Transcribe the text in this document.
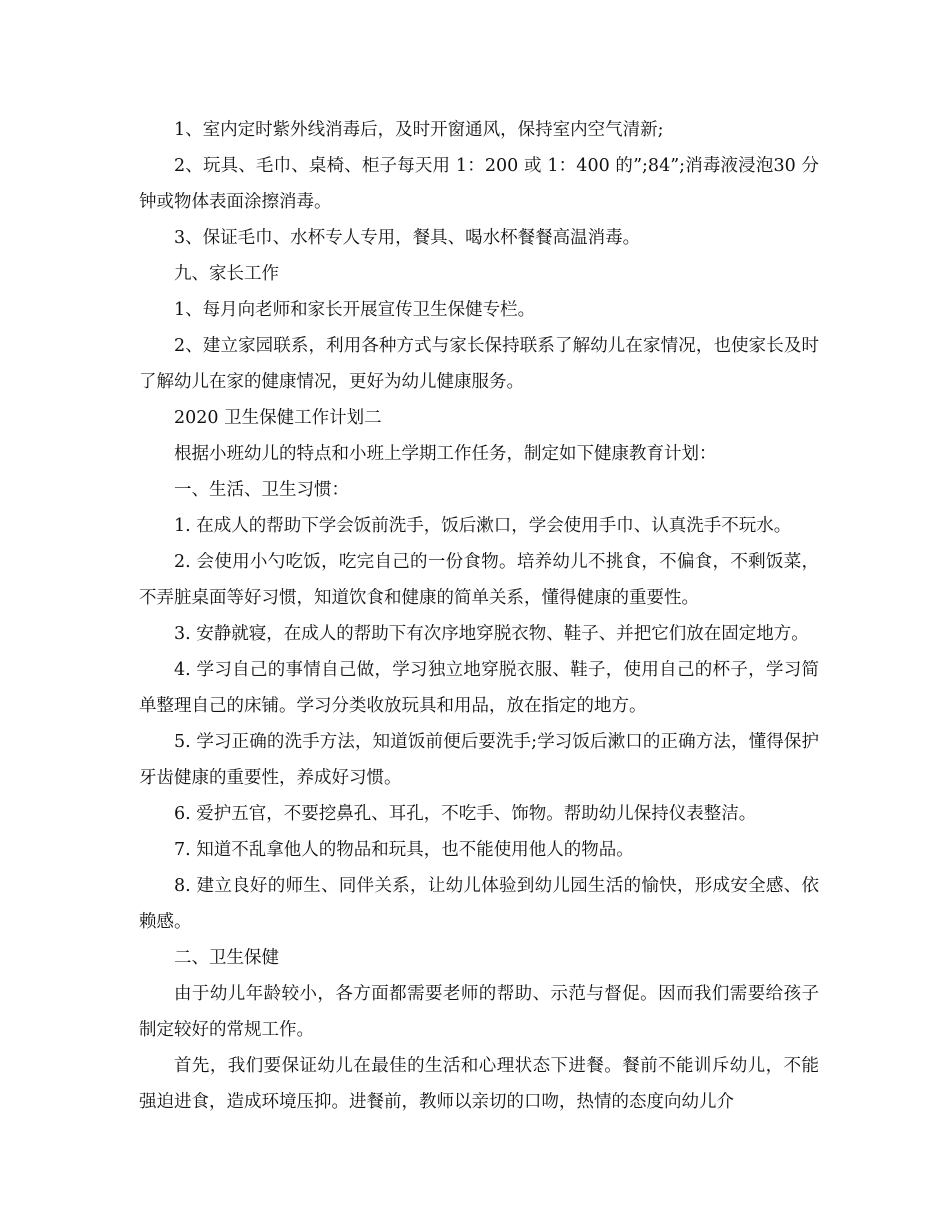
1、室内定时紫外线消毒后，及时开窗通风，保持室内空气清新;

2、玩具、毛巾、桌椅、柜子每天用 1：200 或 1：400 的”;84”;消毒液浸泡30 分钟或物体表面涂擦消毒。

3、保证毛巾、水杯专人专用，餐具、喝水杯餐餐高温消毒。

九、家长工作

1、每月向老师和家长开展宣传卫生保健专栏。

2、建立家园联系，利用各种方式与家长保持联系了解幼儿在家情况，也使家长及时了解幼儿在家的健康情况，更好为幼儿健康服务。

2020 卫生保健工作计划二

根据小班幼儿的特点和小班上学期工作任务，制定如下健康教育计划：

一、生活、卫生习惯：

1. 在成人的帮助下学会饭前洗手，饭后漱口，学会使用手巾、认真洗手不玩水。

2. 会使用小勺吃饭，吃完自己的一份食物。培养幼儿不挑食，不偏食，不剩饭菜，不弄脏桌面等好习惯，知道饮食和健康的简单关系，懂得健康的重要性。

3. 安静就寝，在成人的帮助下有次序地穿脱衣物、鞋子、并把它们放在固定地方。

4. 学习自己的事情自己做，学习独立地穿脱衣服、鞋子，使用自己的杯子，学习简单整理自己的床铺。学习分类收放玩具和用品，放在指定的地方。

5. 学习正确的洗手方法，知道饭前便后要洗手;学习饭后漱口的正确方法，懂得保护牙齿健康的重要性，养成好习惯。

6. 爱护五官，不要挖鼻孔、耳孔，不吃手、饰物。帮助幼儿保持仪表整洁。

7. 知道不乱拿他人的物品和玩具，也不能使用他人的物品。

8. 建立良好的师生、同伴关系，让幼儿体验到幼儿园生活的愉快，形成安全感、依赖感。

二、卫生保健

由于幼儿年龄较小，各方面都需要老师的帮助、示范与督促。因而我们需要给孩子制定较好的常规工作。

首先，我们要保证幼儿在最佳的生活和心理状态下进餐。餐前不能训斥幼儿，不能强迫进食，造成环境压抑。进餐前，教师以亲切的口吻，热情的态度向幼儿介
